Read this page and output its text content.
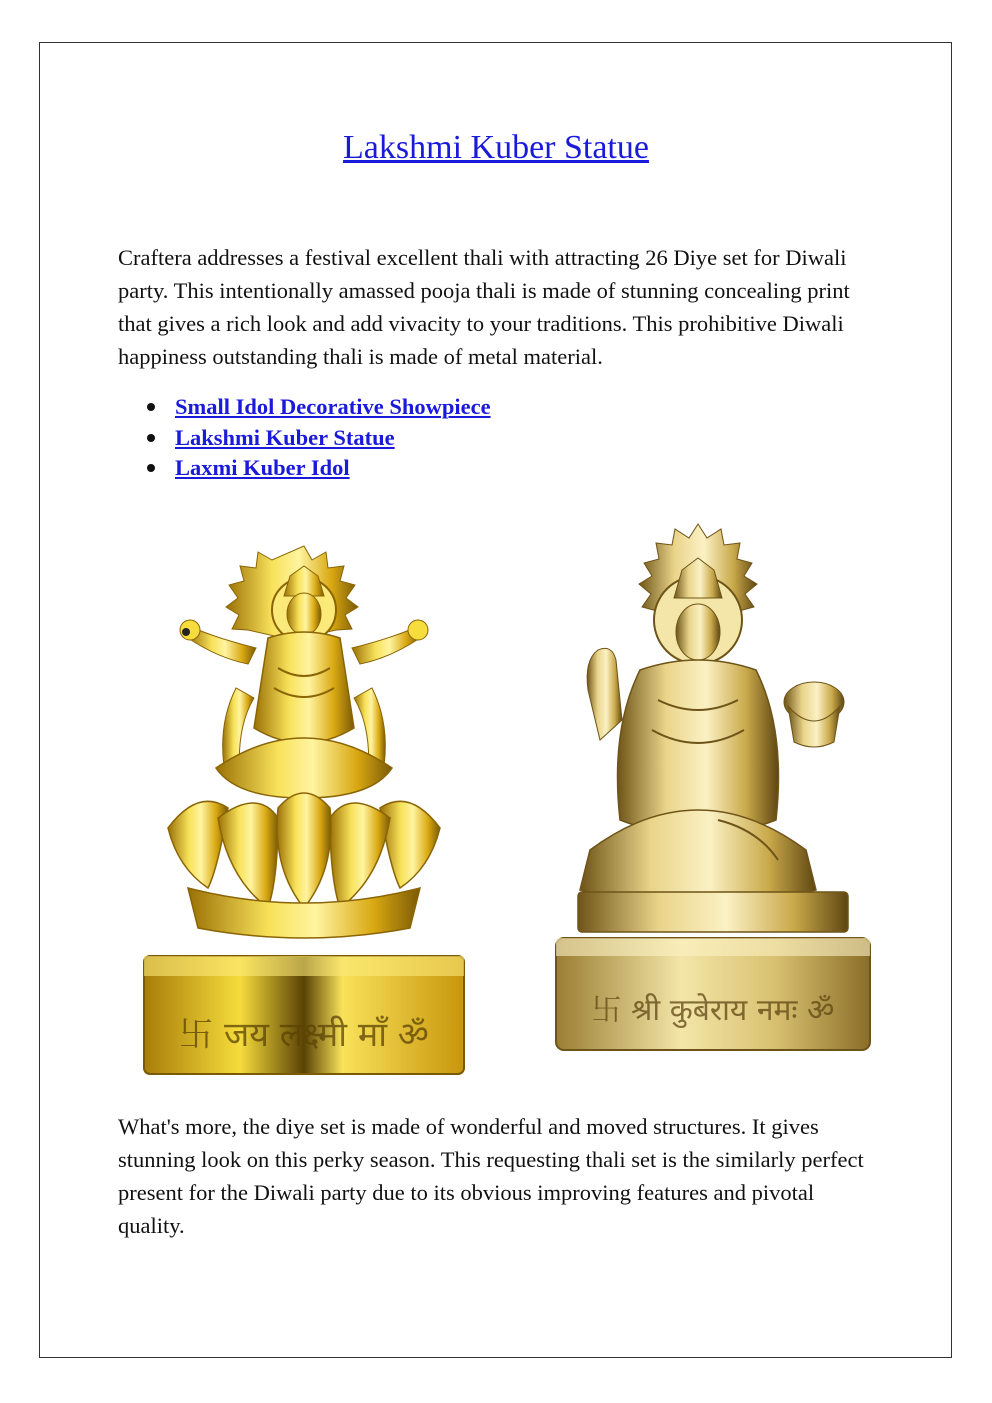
Lakshmi Kuber Statue

Craftera addresses a festival excellent thali with attracting 26 Diye set for Diwali party. This intentionally amassed pooja thali is made of stunning concealing print that gives a rich look and add vivacity to your traditions. This prohibitive Diwali happiness outstanding thali is made of metal material.

Small Idol Decorative Showpiece
Lakshmi Kuber Statue
Laxmi Kuber Idol
卐 जय लक्ष्मी माँ ॐ
卐 श्री कुबेराय नमः ॐ

What's more, the diye set is made of wonderful and moved structures. It gives stunning look on this perky season. This requesting thali set is the similarly perfect present for the Diwali party due to its obvious improving features and pivotal quality.
